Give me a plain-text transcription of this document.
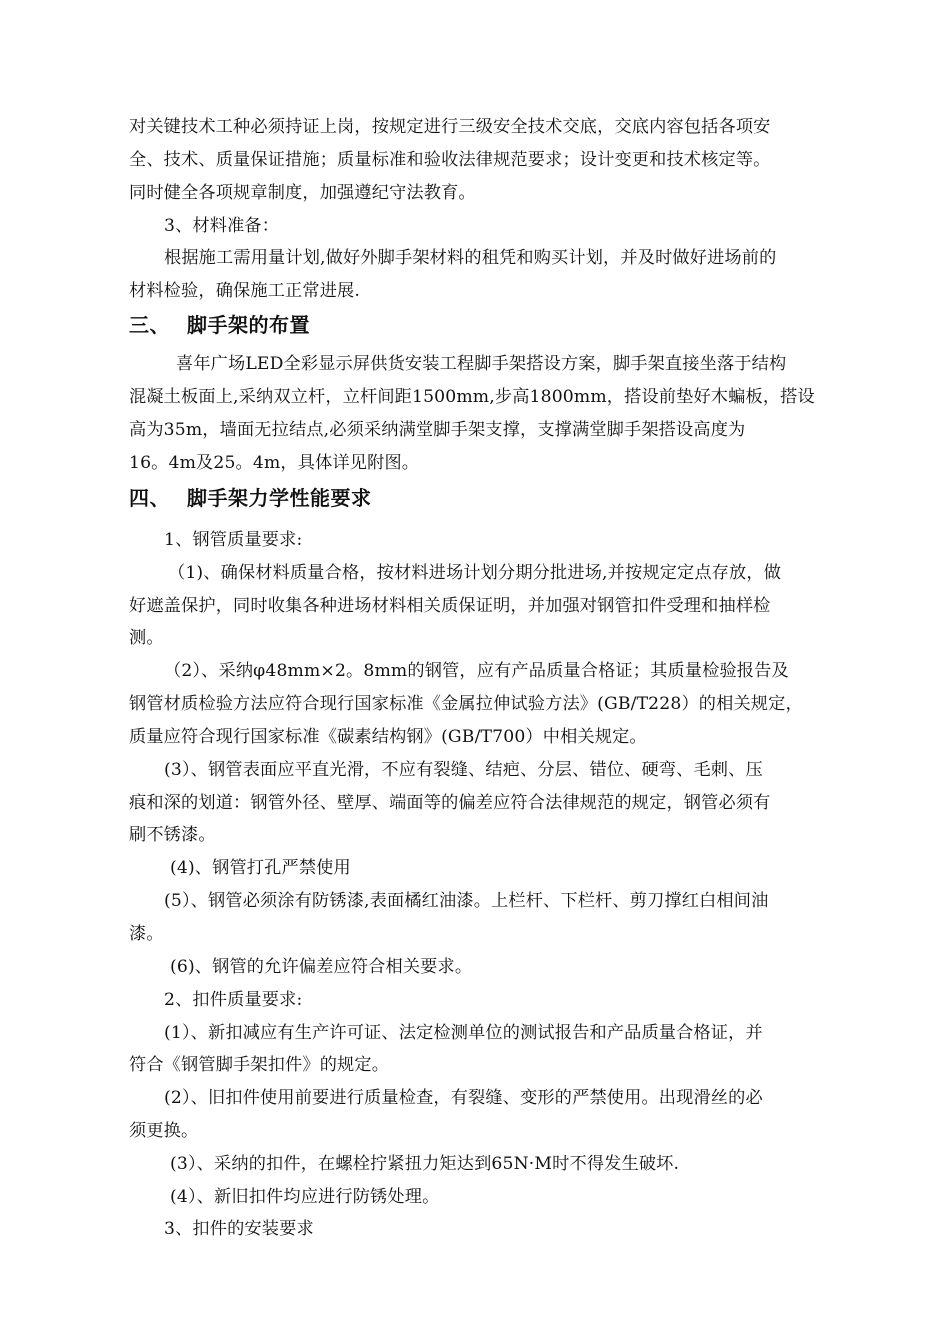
对关键技术工种必须持证上岗，按规定进行三级安全技术交底，交底内容包括各项安
全、技术、质量保证措施；质量标准和验收法律规范要求；设计变更和技术核定等。
同时健全各项规章制度，加强遵纪守法教育。
3、材料准备：
根据施工需用量计划,做好外脚手架材料的租凭和购买计划，并及时做好进场前的
材料检验，确保施工正常进展.
三、 脚手架的布置
喜年广场LED全彩显示屏供货安装工程脚手架搭设方案，脚手架直接坐落于结构
混凝土板面上,采纳双立杆，立杆间距1500mm,步高1800mm，搭设前垫好木蝙板，搭设
高为35m，墙面无拉结点,必须采纳满堂脚手架支撑，支撑满堂脚手架搭设高度为
16。4m及25。4m，具体详见附图。
四、 脚手架力学性能要求
1、钢管质量要求:
（1)、确保材料质量合格，按材料进场计划分期分批进场,并按规定定点存放，做
好遮盖保护，同时收集各种进场材料相关质保证明，并加强对钢管扣件受理和抽样检
测。
（2）、采纳φ48mm×2。8mm的钢管，应有产品质量合格证；其质量检验报告及
钢管材质检验方法应符合现行国家标准《金属拉伸试验方法》(GB/T228）的相关规定，
质量应符合现行国家标准《碳素结构钢》(GB/T700）中相关规定。
(3）、钢管表面应平直光滑，不应有裂缝、结疤、分层、错位、硬弯、毛刺、压
痕和深的划道：钢管外径、壁厚、端面等的偏差应符合法律规范的规定，钢管必须有
刷不锈漆。
(4)、钢管打孔严禁使用
(5）、钢管必须涂有防锈漆,表面橘红油漆。上栏杆、下栏杆、剪刀撑红白相间油
漆。
(6)、钢管的允许偏差应符合相关要求。
2、扣件质量要求:
(1）、新扣减应有生产许可证、法定检测单位的测试报告和产品质量合格证，并
符合《钢管脚手架扣件》的规定。
(2）、旧扣件使用前要进行质量检查，有裂缝、变形的严禁使用。出现滑丝的必
须更换。
(3）、采纳的扣件，在螺栓拧紧扭力矩达到65N·M时不得发生破坏.
(4）、新旧扣件均应进行防锈处理。
3、扣件的安装要求
